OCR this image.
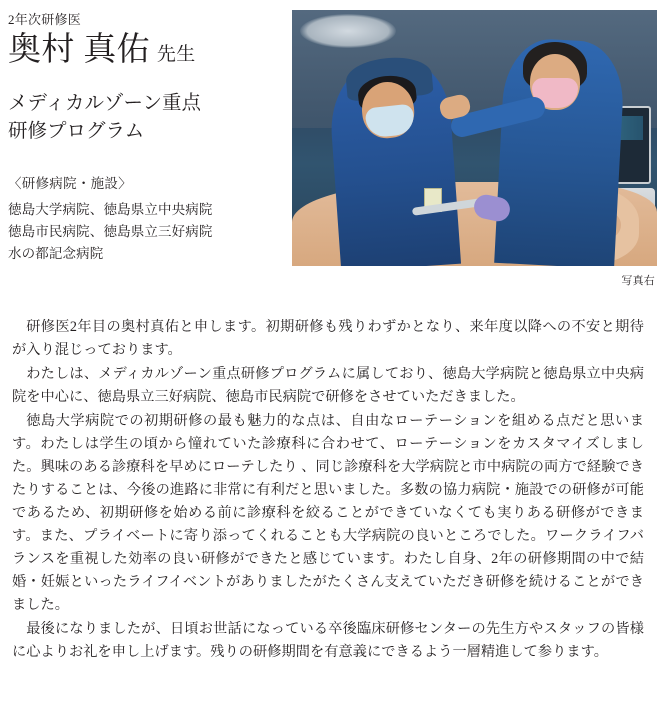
2年次研修医
奥村 真佑 先生
メディカルゾーン重点
研修プログラム
〈研修病院・施設〉
徳島大学病院、徳島県立中央病院
徳島市民病院、徳島県立三好病院
水の都記念病院
写真右

研修医2年目の奥村真佑と申します。初期研修も残りわずかとなり、来年度以降への不安と期待が入り混じっております。

わたしは、メディカルゾーン重点研修プログラムに属しており、徳島大学病院と徳島県立中央病院を中心に、徳島県立三好病院、徳島市民病院で研修をさせていただきました。

徳島大学病院での初期研修の最も魅力的な点は、自由なローテーションを組める点だと思います。わたしは学生の頃から憧れていた診療科に合わせて、ローテーションをカスタマイズしました。興味のある診療科を早めにローテしたり 、同じ診療科を大学病院と市中病院の両方で経験できたりすることは、今後の進路に非常に有利だと思いました。多数の協力病院・施設での研修が可能であるため、初期研修を始める前に診療科を絞ることができていなくても実りある研修ができます。また、プライベートに寄り添ってくれることも大学病院の良いところでした。ワークライフバランスを重視した効率の良い研修ができたと感じています。わたし自身、2年の研修期間の中で結婚・妊娠といったライフイベントがありましたがたくさん支えていただき研修を続けることができました。

最後になりましたが、日頃お世話になっている卒後臨床研修センターの先生方やスタッフの皆様に心よりお礼を申し上げます。残りの研修期間を有意義にできるよう一層精進して参ります。
